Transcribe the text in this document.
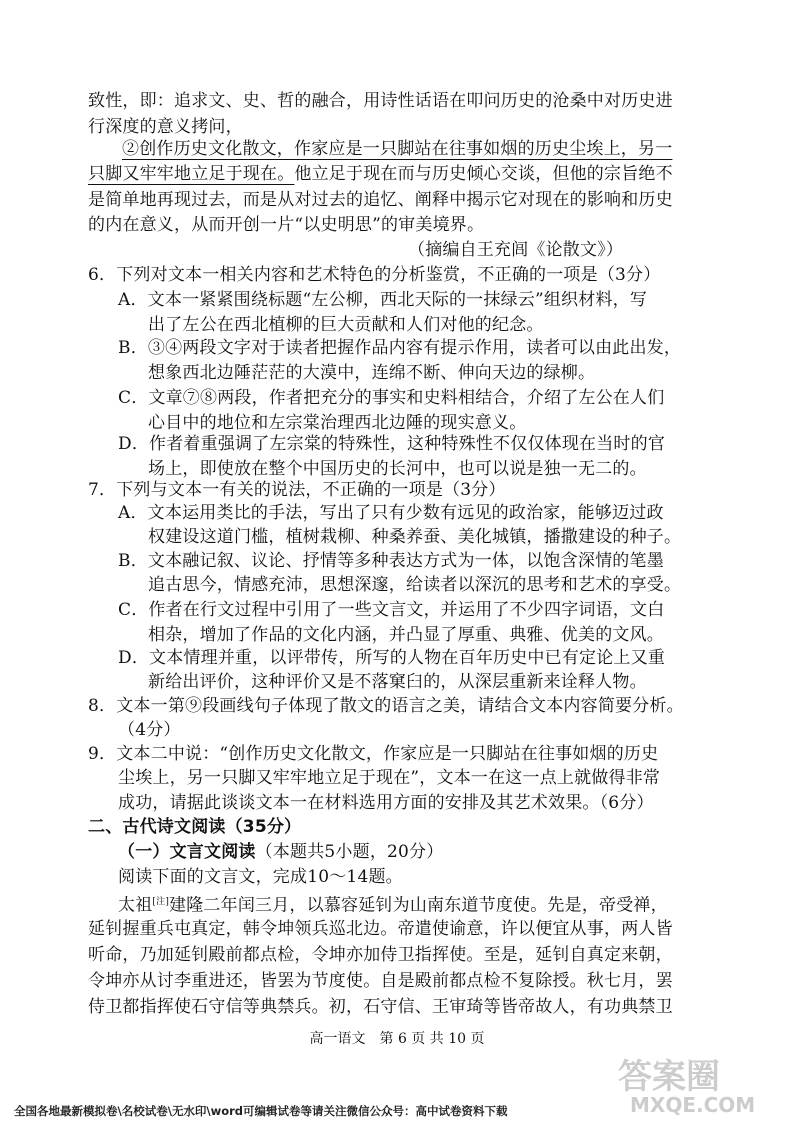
致性，即：追求文、史、哲的融合，用诗性话语在叩问历史的沧桑中对历史进
行深度的意义拷问，
②创作历史文化散文，作家应是一只脚站在往事如烟的历史尘埃上，另一
只脚又牢牢地立足于现在。他立足于现在而与历史倾心交谈，但他的宗旨绝不
是简单地再现过去，而是从对过去的追忆、阐释中揭示它对现在的影响和历史
的内在意义，从而开创一片“以史明思”的审美境界。
（摘编自王充闾《论散文》）
6．下列对文本一相关内容和艺术特色的分析鉴赏，不正确的一项是（3分）
A．文本一紧紧围绕标题“左公柳，西北天际的一抹绿云”组织材料，写
出了左公在西北植柳的巨大贡献和人们对他的纪念。
B．③④两段文字对于读者把握作品内容有提示作用，读者可以由此出发，
想象西北边陲茫茫的大漠中，连绵不断、伸向天边的绿柳。
C．文章⑦⑧两段，作者把充分的事实和史料相结合，介绍了左公在人们
心目中的地位和左宗棠治理西北边陲的现实意义。
D．作者着重强调了左宗棠的特殊性，这种特殊性不仅仅体现在当时的官
场上，即使放在整个中国历史的长河中，也可以说是独一无二的。
7．下列与文本一有关的说法，不正确的一项是（3分）
A．文本运用类比的手法，写出了只有少数有远见的政治家，能够迈过政
权建设这道门槛，植树栽柳、种桑养蚕、美化城镇，播撒建设的种子。
B．文本融记叙、议论、抒情等多种表达方式为一体，以饱含深情的笔墨
追古思今，情感充沛，思想深邃，给读者以深沉的思考和艺术的享受。
C．作者在行文过程中引用了一些文言文，并运用了不少四字词语，文白
相杂，增加了作品的文化内涵，并凸显了厚重、典雅、优美的文风。
D．文本情理并重，以评带传，所写的人物在百年历史中已有定论上又重
新给出评价，这种评价又是不落窠臼的，从深层重新来诠释人物。
8．文本一第⑨段画线句子体现了散文的语言之美，请结合文本内容简要分析。
（4分）
9．文本二中说：“创作历史文化散文，作家应是一只脚站在往事如烟的历史
尘埃上，另一只脚又牢牢地立足于现在”，文本一在这一点上就做得非常
成功，请据此谈谈文本一在材料选用方面的安排及其艺术效果。（6分）
二、古代诗文阅读（35分）
（一）文言文阅读（本题共5小题，20分）
阅读下面的文言文，完成10～14题。
太祖[注]建隆二年闰三月，以慕容延钊为山南东道节度使。先是，帝受禅，
延钊握重兵屯真定，韩令坤领兵巡北边。帝遣使谕意，许以便宜从事，两人皆
听命，乃加延钊殿前都点检，令坤亦加侍卫指挥使。至是，延钊自真定来朝，
令坤亦从讨李重进还，皆罢为节度使。自是殿前都点检不复除授。秋七月，罢
侍卫都指挥使石守信等典禁兵。初，石守信、王审琦等皆帝故人，有功典禁卫
高一语文　第 6 页 共 10 页
答案圈
MXQE.COM
全国各地最新模拟卷\名校试卷\无水印\word可编辑试卷等请关注微信公众号：高中试卷资料下载
